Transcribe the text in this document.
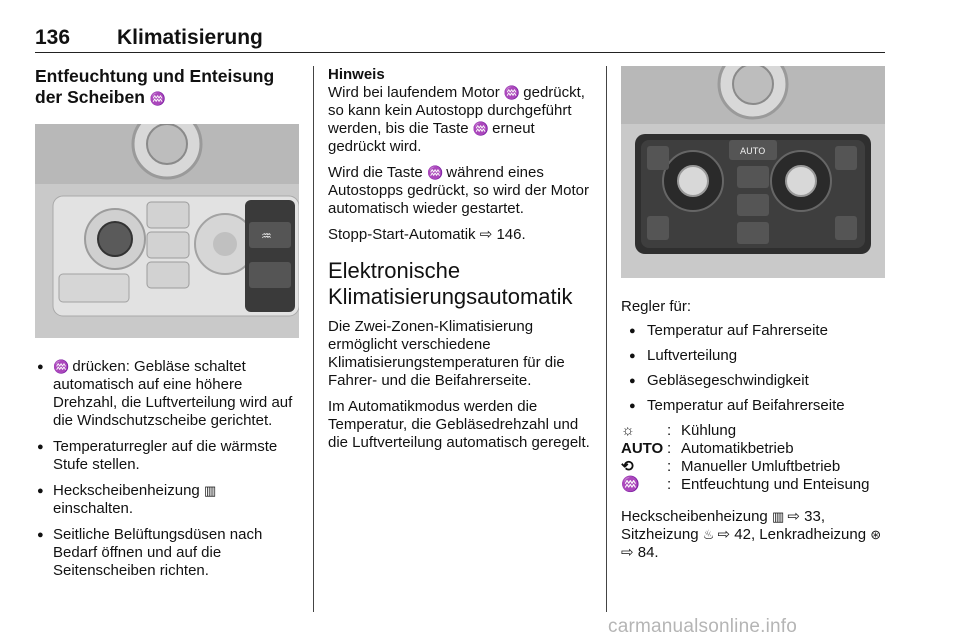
136 Klimatisierung
Entfeuchtung und Enteisung der Scheiben ♒
♒
● ♒ drücken: Gebläse schaltet automatisch auf eine höhere Drehzahl, die Luftverteilung wird auf die Windschutzscheibe gerichtet.
● Temperaturregler auf die wärmste Stufe stellen.
● Heckscheibenheizung ▥ einschalten.
● Seitliche Belüftungsdüsen nach Bedarf öffnen und auf die Seitenscheiben richten.
Hinweis

Wird bei laufendem Motor ♒ gedrückt, so kann kein Autostopp durchgeführt werden, bis die Taste ♒ erneut gedrückt wird.

Wird die Taste ♒ während eines Autostopps gedrückt, so wird der Motor automatisch wieder gestartet.

Stopp-Start-Automatik ⇨ 146.

Elektronische Klimatisierungsautomatik

Die Zwei-Zonen-Klimatisierung ermöglicht verschiedene Klimatisierungstemperaturen für die Fahrer- und die Beifahrerseite.

Im Automatikmodus werden die Temperatur, die Gebläsedrehzahl und die Luftverteilung automatisch geregelt.

AUTO
Regler für:
● Temperatur auf Fahrerseite
● Luftverteilung
● Gebläsegeschwindigkeit
● Temperatur auf Beifahrerseite
☼	:	Kühlung
AUTO	:	Automatikbetrieb
⟲	:	Manueller Umluftbetrieb
♒	:	Entfeuchtung und Enteisung

Heckscheibenheizung ▥ ⇨ 33, Sitzheizung ♨ ⇨ 42, Lenkradheizung ⊛ ⇨ 84.

carmanualsonline.info
